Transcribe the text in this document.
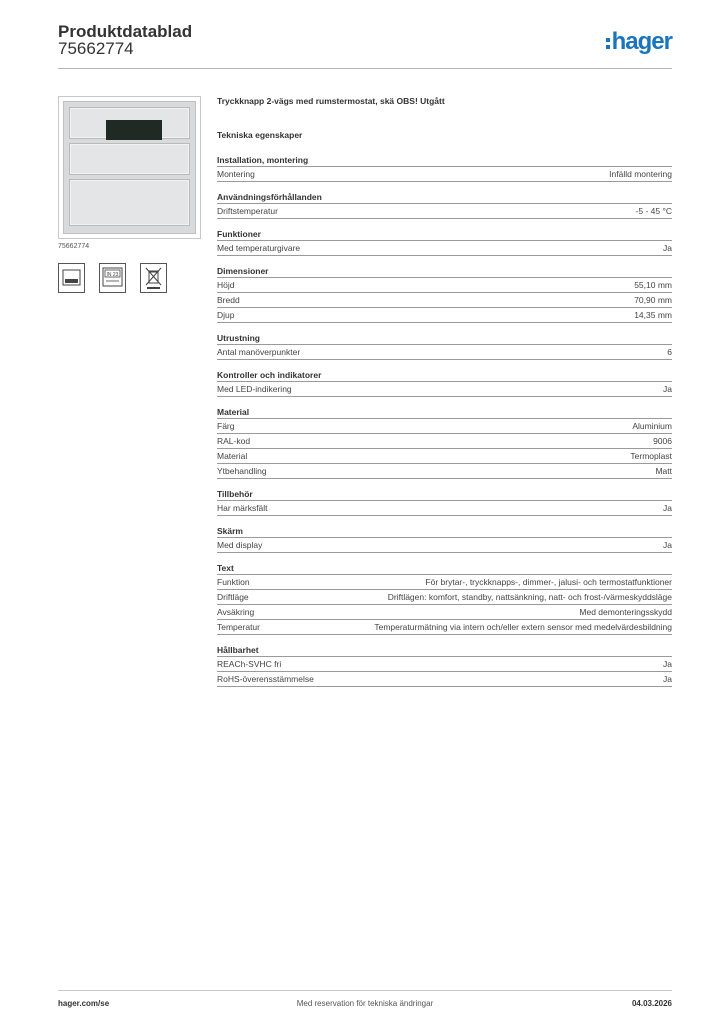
Produktdatablad
75662774	hager
75662774
IN 23
Tryckknapp 2-vägs med rumstermostat, skä OBS! Utgått
Tekniska egenskaper
Installation, montering
Montering	Infälld montering
Användningsförhållanden
Driftstemperatur	-5 - 45 °C
Funktioner
Med temperaturgivare	Ja
Dimensioner
Höjd	55,10 mm
Bredd	70,90 mm
Djup	14,35 mm
Utrustning
Antal manöverpunkter	6
Kontroller och indikatorer
Med LED-indikering	Ja
Material
Färg	Aluminium
RAL-kod	9006
Material	Termoplast
Ytbehandling	Matt
Tillbehör
Har märksfält	Ja
Skärm
Med display	Ja
Text
Funktion	För brytar-, tryckknapps-, dimmer-, jalusi- och termostatfunktioner
Driftläge	Driftlägen: komfort, standby, nattsänkning, natt- och frost-/värmeskyddsläge
Avsäkring	Med demonteringsskydd
Temperatur	Temperaturmätning via intern och/eller extern sensor med medelvärdesbildning
Hållbarhet
REACh-SVHC fri	Ja
RoHS-överensstämmelse	Ja
hager.com/se	Med reservation för tekniska ändringar	04.03.2026
